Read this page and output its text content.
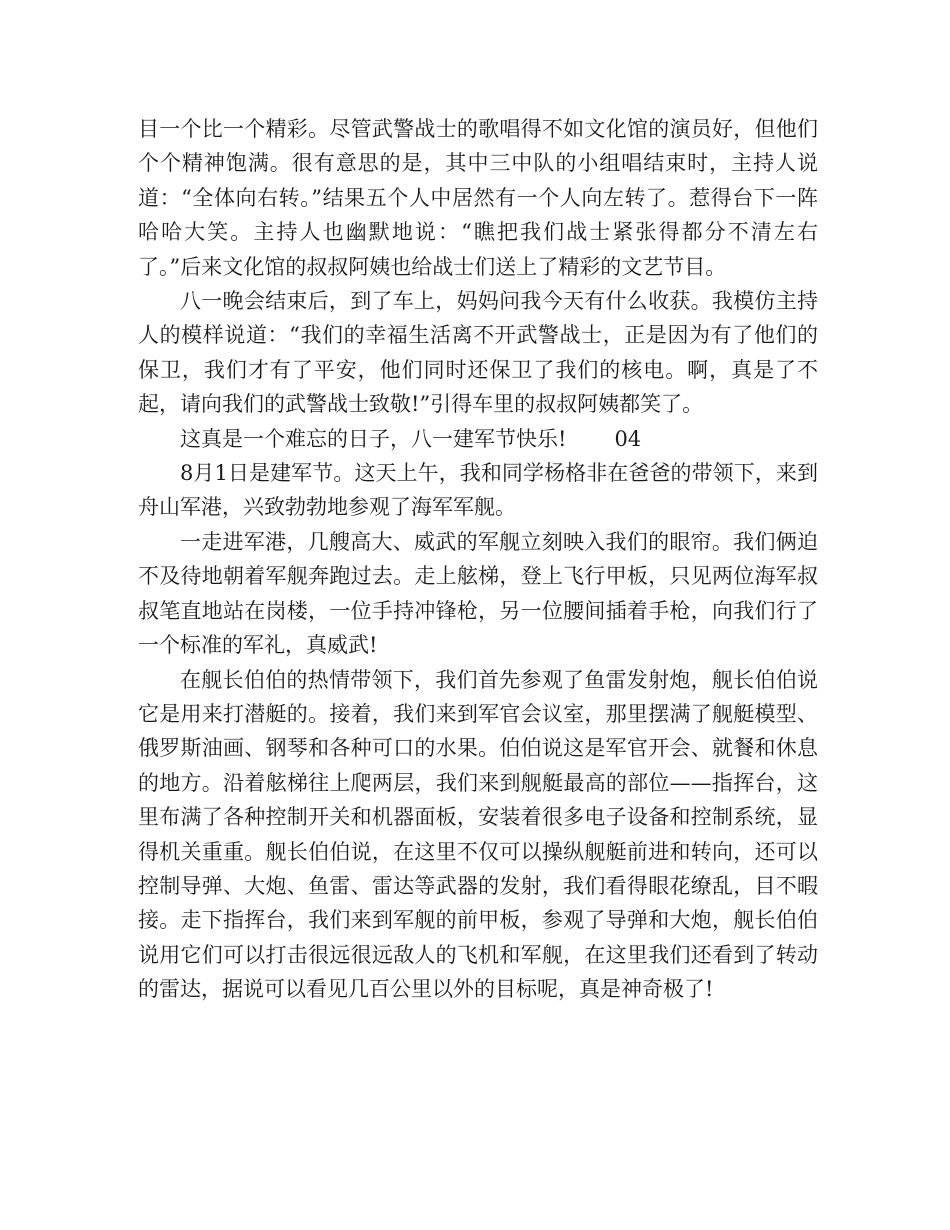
目一个比一个精彩。尽管武警战士的歌唱得不如文化馆的演员好，但他们个个精神饱满。很有意思的是，其中三中队的小组唱结束时，主持人说道：“全体向右转。”结果五个人中居然有一个人向左转了。惹得台下一阵哈哈大笑。主持人也幽默地说：“瞧把我们战士紧张得都分不清左右了。”后来文化馆的叔叔阿姨也给战士们送上了精彩的文艺节目。

八一晚会结束后，到了车上，妈妈问我今天有什么收获。我模仿主持人的模样说道：“我们的幸福生活离不开武警战士，正是因为有了他们的保卫，我们才有了平安，他们同时还保卫了我们的核电。啊，真是了不起，请向我们的武警战士致敬!”引得车里的叔叔阿姨都笑了。

这真是一个难忘的日子，八一建军节快乐! 04

8月1日是建军节。这天上午，我和同学杨格非在爸爸的带领下，来到舟山军港，兴致勃勃地参观了海军军舰。

一走进军港，几艘高大、威武的军舰立刻映入我们的眼帘。我们俩迫不及待地朝着军舰奔跑过去。走上舷梯，登上飞行甲板，只见两位海军叔叔笔直地站在岗楼，一位手持冲锋枪，另一位腰间插着手枪，向我们行了一个标准的军礼，真威武!

在舰长伯伯的热情带领下，我们首先参观了鱼雷发射炮，舰长伯伯说它是用来打潜艇的。接着，我们来到军官会议室，那里摆满了舰艇模型、俄罗斯油画、钢琴和各种可口的水果。伯伯说这是军官开会、就餐和休息的地方。沿着舷梯往上爬两层，我们来到舰艇最高的部位——指挥台，这里布满了各种控制开关和机器面板，安装着很多电子设备和控制系统，显得机关重重。舰长伯伯说，在这里不仅可以操纵舰艇前进和转向，还可以控制导弹、大炮、鱼雷、雷达等武器的发射，我们看得眼花缭乱，目不暇接。走下指挥台，我们来到军舰的前甲板，参观了导弹和大炮，舰长伯伯说用它们可以打击很远很远敌人的飞机和军舰，在这里我们还看到了转动的雷达，据说可以看见几百公里以外的目标呢，真是神奇极了!
